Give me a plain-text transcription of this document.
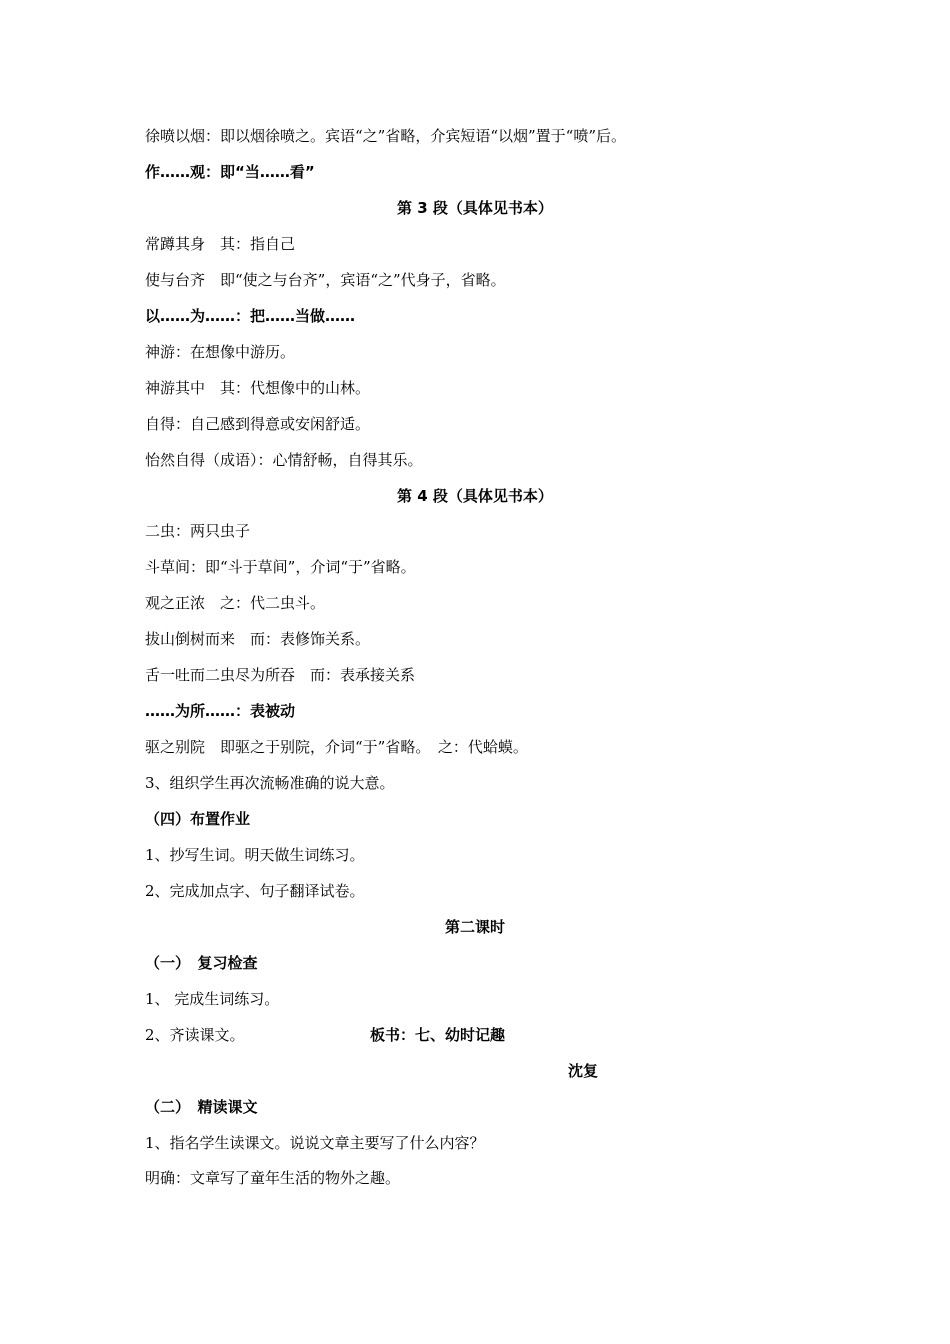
徐喷以烟：即以烟徐喷之。宾语“之”省略，介宾短语“以烟”置于“喷”后。
作……观：即“当……看”
第 3 段（具体见书本）
常蹲其身　其：指自己
使与台齐　即“使之与台齐”，宾语“之”代身子，省略。
以……为……：把……当做……
神游：在想像中游历。
神游其中　其：代想像中的山林。
自得：自己感到得意或安闲舒适。
怡然自得（成语）：心情舒畅，自得其乐。
第 4 段（具体见书本）
二虫：两只虫子
斗草间：即“斗于草间”，介词“于”省略。
观之正浓　之：代二虫斗。
拔山倒树而来　而：表修饰关系。
舌一吐而二虫尽为所吞　而：表承接关系
……为所……：表被动
驱之别院　即驱之于别院，介词“于”省略。　之：代蛤蟆。
3、组织学生再次流畅准确的说大意。
（四）布置作业
1、抄写生词。明天做生词练习。
2、完成加点字、句子翻译试卷。
第二课时
（一）　复习检查
1、 完成生词练习。
2、齐读课文。	板书：七、幼时记趣
沈复
（二）　精读课文
1、指名学生读课文。说说文章主要写了什么内容？
明确：文章写了童年生活的物外之趣。
